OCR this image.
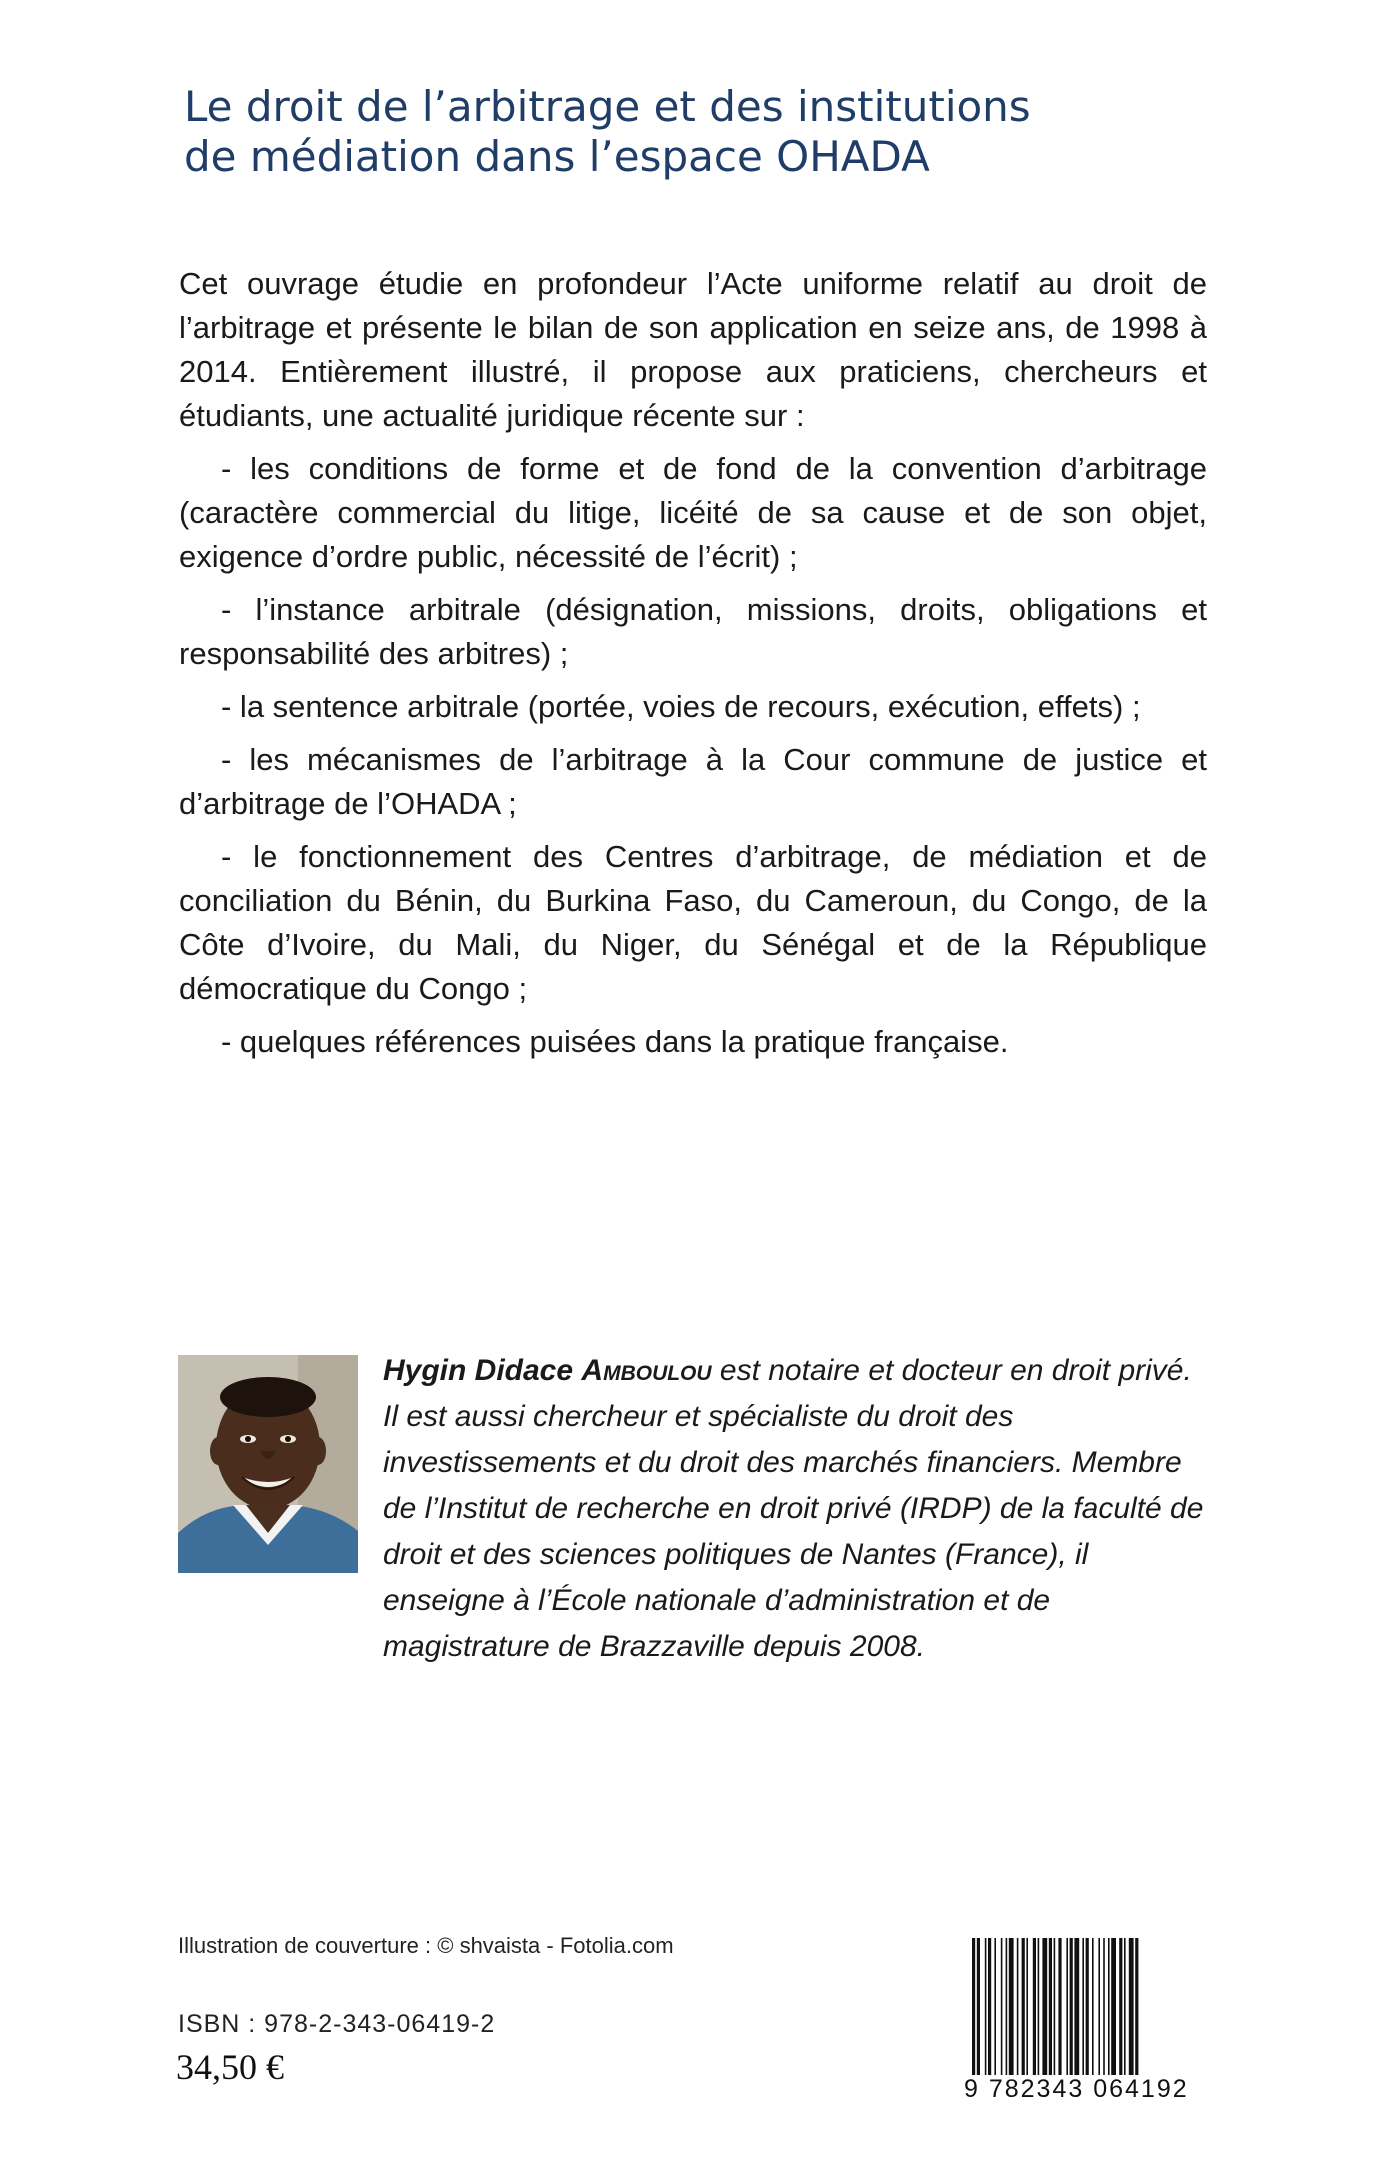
Le droit de l’arbitrage et des institutions
de médiation dans l’espace OHADA

Cet ouvrage étudie en profondeur l’Acte uniforme relatif au droit de l’arbitrage et présente le bilan de son application en seize ans, de 1998 à 2014. Entièrement illustré, il propose aux praticiens, chercheurs et étudiants, une actualité juridique récente sur :

- les conditions de forme et de fond de la convention d’arbitrage (caractère commercial du litige, licéité de sa cause et de son objet, exigence d’ordre public, nécessité de l’écrit) ;

- l’instance arbitrale (désignation, missions, droits, obligations et responsabilité des arbitres) ;

- la sentence arbitrale (portée, voies de recours, exécution, effets) ;

- les mécanismes de l’arbitrage à la Cour commune de justice et d’arbitrage de l’OHADA ;

- le fonctionnement des Centres d’arbitrage, de médiation et de conciliation du Bénin, du Burkina Faso, du Cameroun, du Congo, de la Côte d’Ivoire, du Mali, du Niger, du Sénégal et de la République démocratique du Congo ;

- quelques références puisées dans la pratique française.

Hygin Didace Amboulou est notaire et docteur en droit privé. Il est aussi chercheur et spécialiste du droit des investissements et du droit des marchés financiers. Membre de l’Institut de recherche en droit privé (IRDP) de la faculté de droit et des sciences politiques de Nantes (France), il enseigne à l’École nationale d’administration et de magistrature de Brazzaville depuis 2008.

Illustration de couverture : © shvaista - Fotolia.com
ISBN : 978-2-343-06419-2
34,50 €
9 782343 064192
